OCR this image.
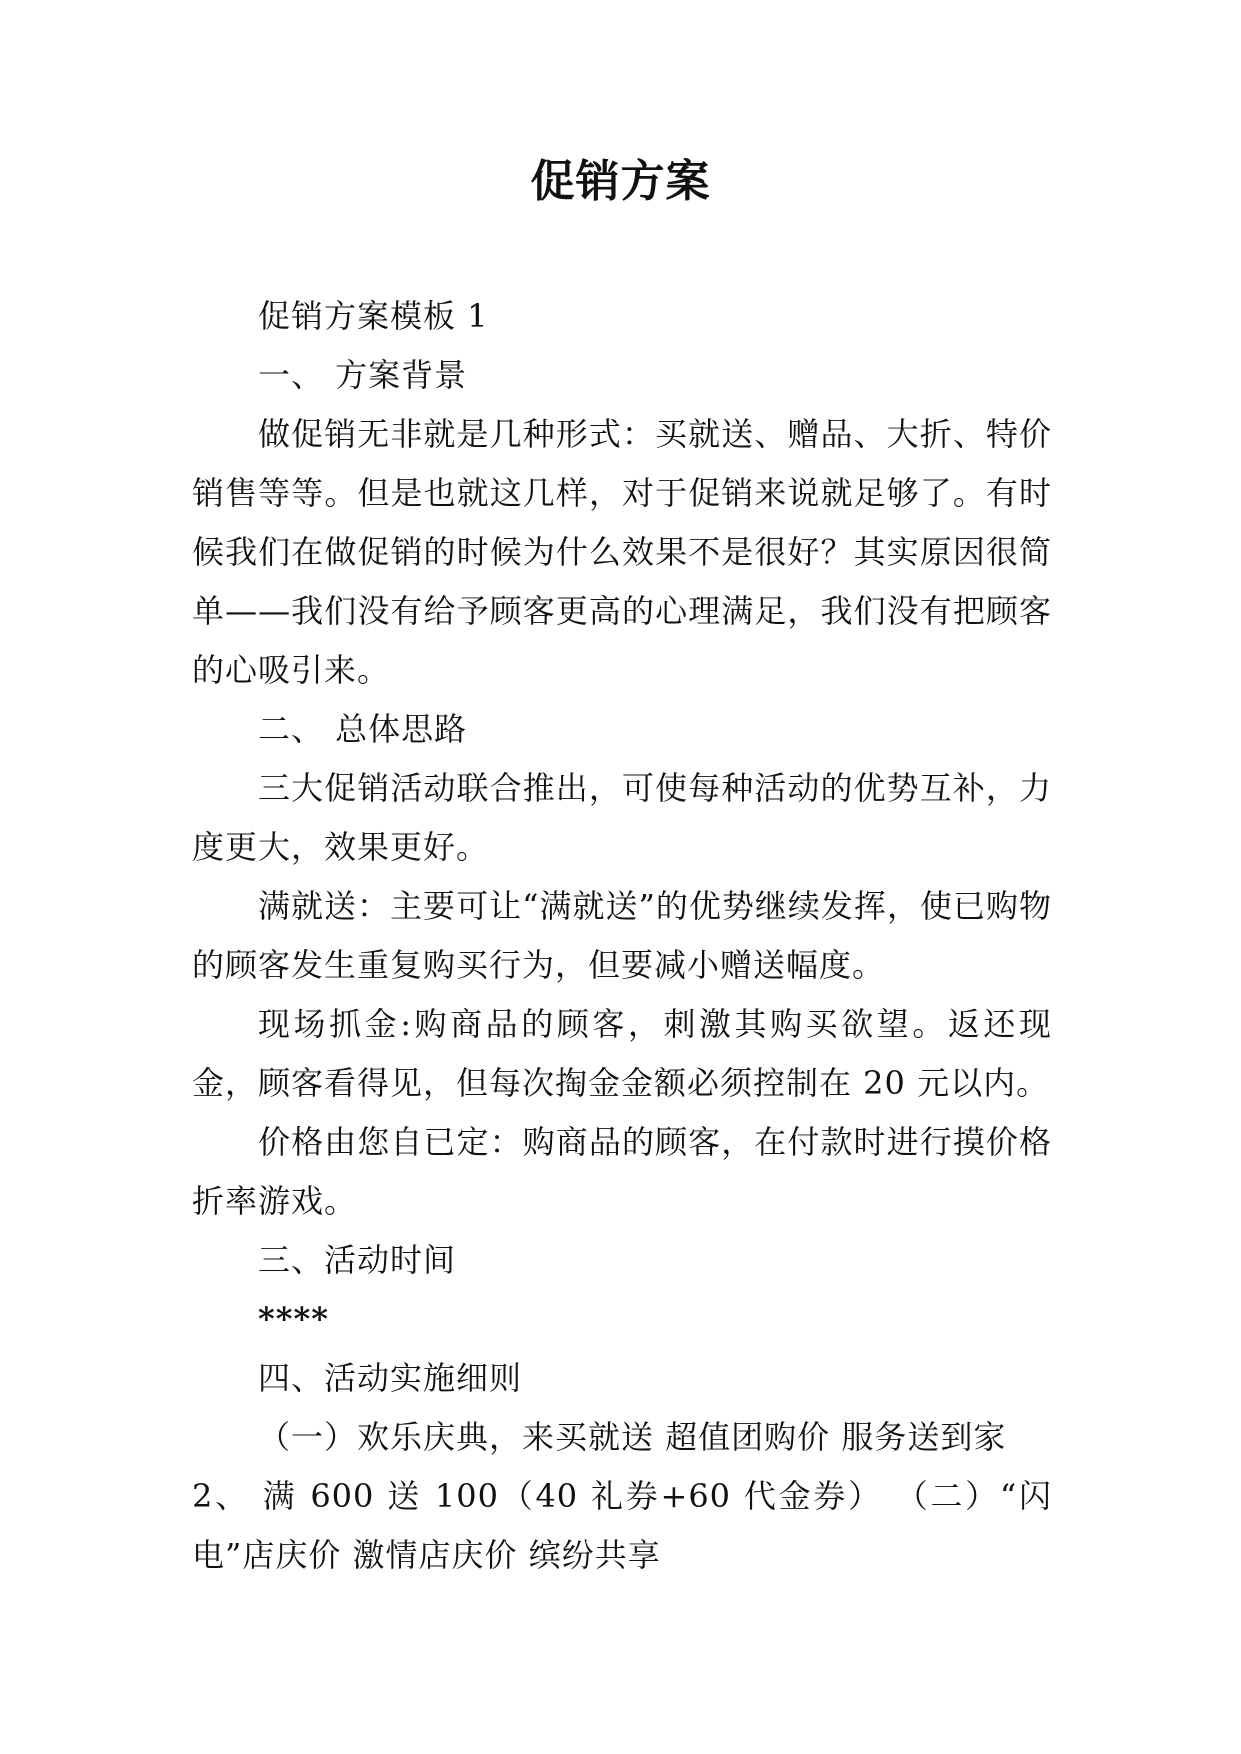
促销方案

促销方案模板 1

一、 方案背景

做促销无非就是几种形式：买就送、赠品、大折、特价销售等等。但是也就这几样，对于促销来说就足够了。有时候我们在做促销的时候为什么效果不是很好？其实原因很简单——我们没有给予顾客更高的心理满足，我们没有把顾客的心吸引来。

二、 总体思路

三大促销活动联合推出，可使每种活动的优势互补，力度更大，效果更好。

满就送：主要可让“满就送”的优势继续发挥，使已购物的顾客发生重复购买行为，但要减小赠送幅度。

现场抓金:购商品的顾客，刺激其购买欲望。返还现金，顾客看得见，但每次掏金金额必须控制在 20 元以内。

价格由您自已定：购商品的顾客，在付款时进行摸价格折率游戏。

三、活动时间

****

四、活动实施细则

（一）欢乐庆典，来买就送 超值团购价 服务送到家

2、 满 600 送 100（40 礼券+60 代金券） （二）“闪电”店庆价 激情店庆价 缤纷共享
